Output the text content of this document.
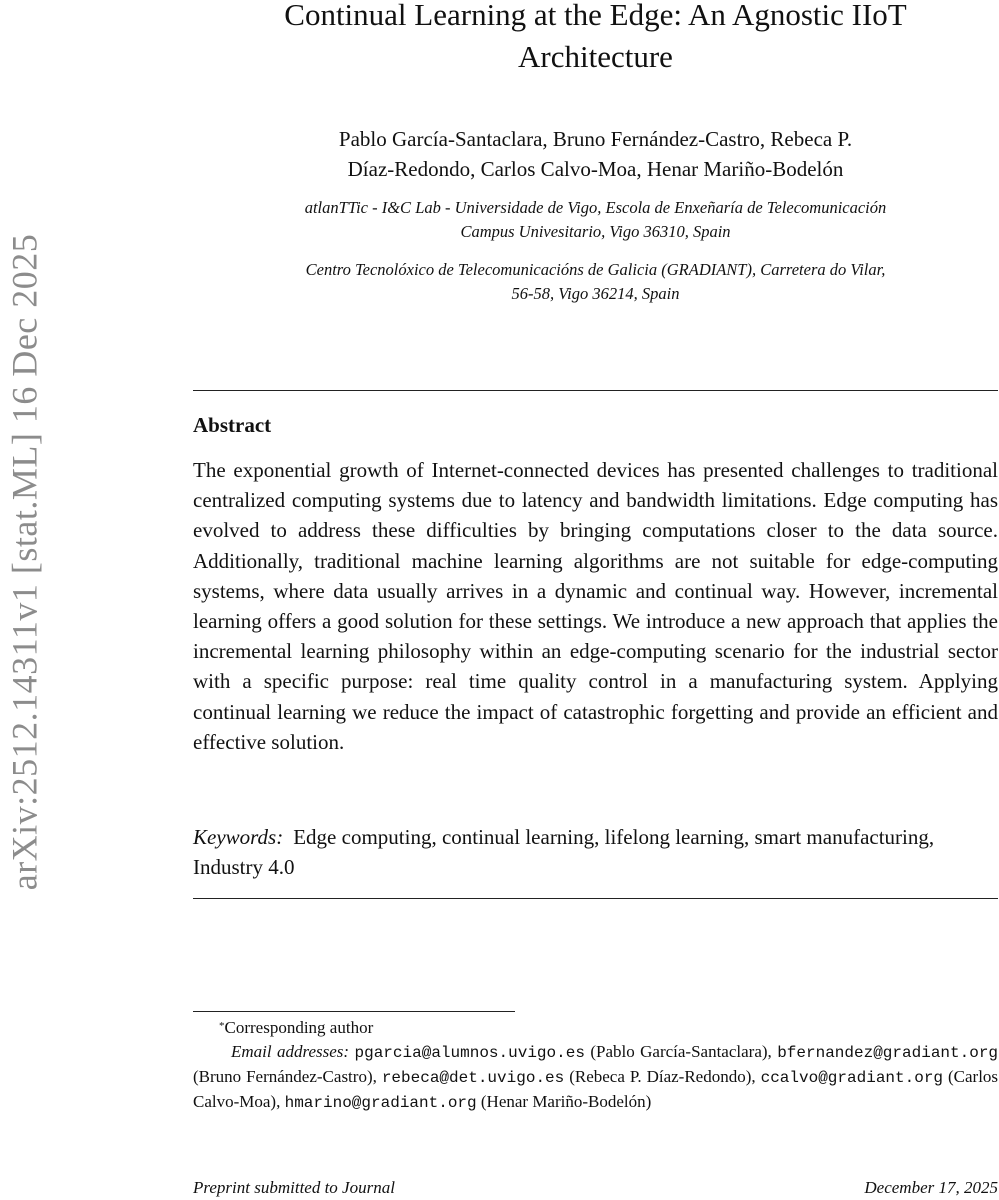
arXiv:2512.14311v1 [stat.ML] 16 Dec 2025
Continual Learning at the Edge: An Agnostic IIoT
Architecture
Pablo García-Santaclara, Bruno Fernández-Castro, Rebeca P.
Díaz-Redondo, Carlos Calvo-Moa, Henar Mariño-Bodelón
atlanTTic - I&C Lab - Universidade de Vigo, Escola de Enxeñaría de Telecomunicación
Campus Univesitario, Vigo 36310, Spain
Centro Tecnolóxico de Telecomunicacións de Galicia (GRADIANT), Carretera do Vilar,
56-58, Vigo 36214, Spain
Abstract

The exponential growth of Internet-connected devices has presented challenges to traditional centralized computing systems due to latency and bandwidth limitations. Edge computing has evolved to address these difficulties by bringing computations closer to the data source. Additionally, traditional machine learning algorithms are not suitable for edge-computing systems, where data usually arrives in a dynamic and continual way. However, incremental learning offers a good solution for these settings. We introduce a new approach that applies the incremental learning philosophy within an edge-computing scenario for the industrial sector with a specific purpose: real time quality control in a manufacturing system. Applying continual learning we reduce the impact of catastrophic forgetting and provide an efficient and effective solution.

Keywords: Edge computing, continual learning, lifelong learning, smart manufacturing, Industry 4.0

*Corresponding author
Email addresses: pgarcia@alumnos.uvigo.es (Pablo García-Santaclara), bfernandez@gradiant.org (Bruno Fernández-Castro), rebeca@det.uvigo.es (Rebeca P. Díaz-Redondo), ccalvo@gradiant.org (Carlos Calvo-Moa), hmarino@gradiant.org (Henar Mariño-Bodelón)
Preprint submitted to Journal	December 17, 2025
